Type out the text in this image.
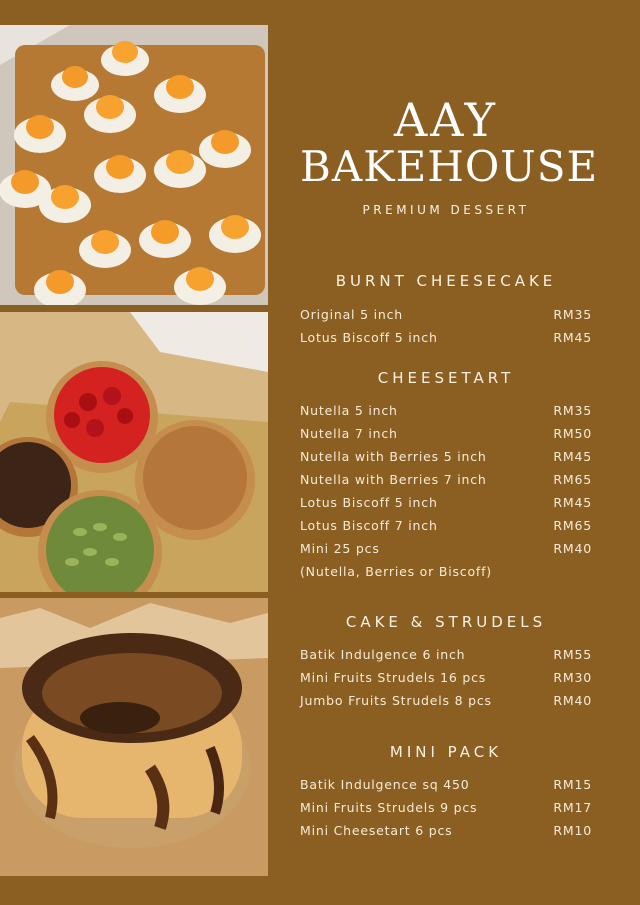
AAY
BAKEHOUSE
PREMIUM DESSERT
BURNT CHEESECAKE
Original 5 inch	RM35
Lotus Biscoff 5 inch	RM45
CHEESETART
Nutella 5 inch	RM35
Nutella 7 inch	RM50
Nutella with Berries 5 inch	RM45
Nutella with Berries 7 inch	RM65
Lotus Biscoff 5 inch	RM45
Lotus Biscoff 7 inch	RM65
Mini 25 pcs	RM40
(Nutella, Berries or Biscoff)
CAKE & STRUDELS
Batik Indulgence 6 inch	RM55
Mini Fruits Strudels 16 pcs	RM30
Jumbo Fruits Strudels 8 pcs	RM40
MINI PACK
Batik Indulgence sq 450	RM15
Mini Fruits Strudels 9 pcs	RM17
Mini Cheesetart 6 pcs	RM10
